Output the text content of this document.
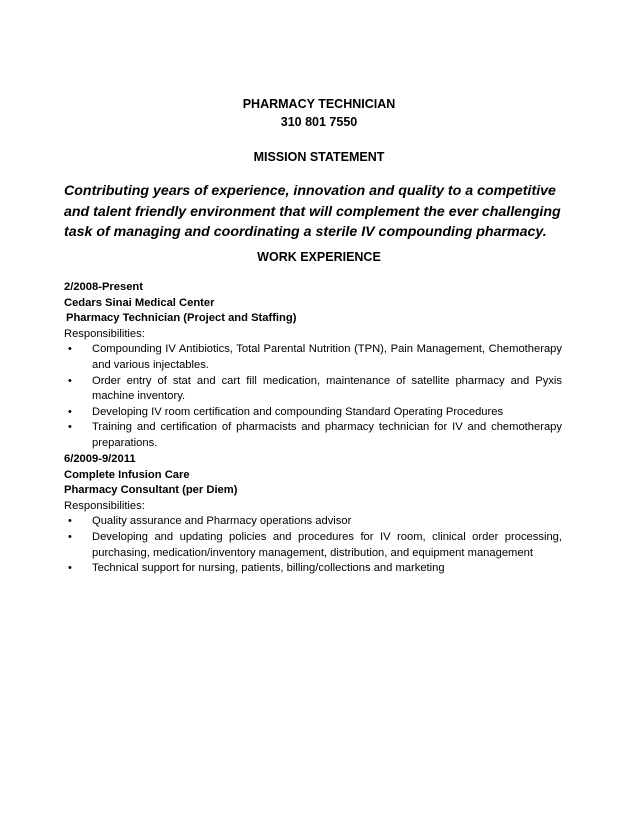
PHARMACY TECHNICIAN
310 801 7550
MISSION STATEMENT
Contributing years of experience, innovation and quality to a competitive and talent friendly environment that will complement the ever challenging task of managing and coordinating a sterile IV compounding pharmacy.
WORK EXPERIENCE
2/2008-Present
Cedars Sinai Medical Center
Pharmacy Technician (Project and Staffing)
Responsibilities:
• Compounding IV Antibiotics, Total Parental Nutrition (TPN), Pain Management, Chemotherapy and various injectables.
• Order entry of stat and cart fill medication, maintenance of satellite pharmacy and Pyxis machine inventory.
• Developing IV room certification and compounding Standard Operating Procedures
• Training and certification of pharmacists and pharmacy technician for IV and chemotherapy preparations.
6/2009-9/2011
Complete Infusion Care
Pharmacy Consultant (per Diem)
Responsibilities:
• Quality assurance and Pharmacy operations advisor
• Developing and updating policies and procedures for IV room, clinical order processing, purchasing, medication/inventory management, distribution, and equipment management
• Technical support for nursing, patients, billing/collections and marketing
